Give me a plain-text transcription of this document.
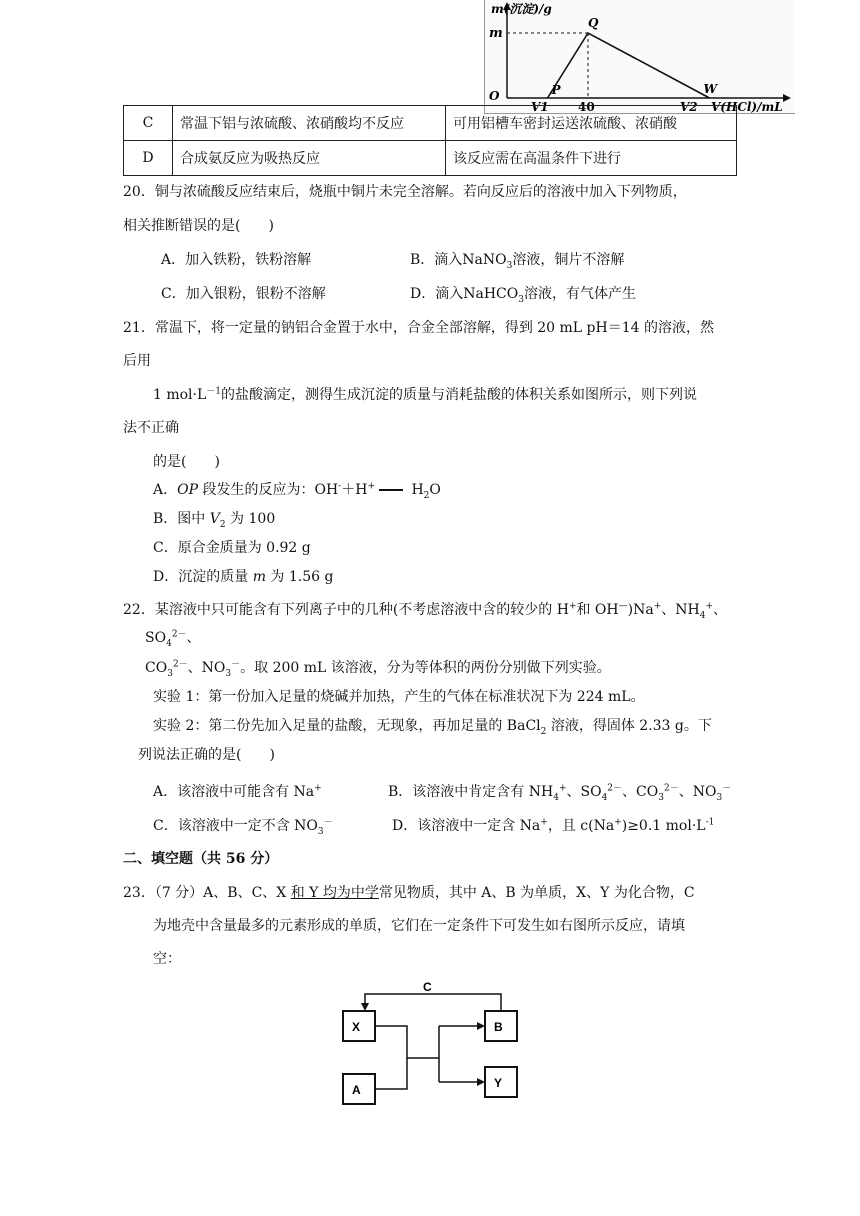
O	P
Q
W
m(沉淀)/g
m
V1 40	V2 V(HCl)/mL
C	常温下铝与浓硫酸、浓硝酸均不反应	可用铝槽车密封运送浓硫酸、浓硝酸
D	合成氨反应为吸热反应	该反应需在高温条件下进行
20．铜与浓硫酸反应结束后，烧瓶中铜片未完全溶解。若向反应后的溶液中加入下列物质，
相关推断错误的是(　　)
A．加入铁粉，铁粉溶解	B．滴入NaNO$_3$溶液，铜片不溶解
C．加入银粉，银粉不溶解	D．滴入NaHCO$_3$溶液，有气体产生
21．常温下，将一定量的钠铝合金置于水中，合金全部溶解，得到 20 mL pH＝14 的溶液，然
后用
1 $mol\cdot L^{-1}$的盐酸滴定，测得生成沉淀的质量与消耗盐酸的体积关系如图所示，则下列说
法不正确
的是(　　)
A．OP 段发生的反应为：OH-＋H+	$H_2O$
B．图中 $V_2$ 为 100
C．原合金质量为 0.92 g
D．沉淀的质量 m 为 1.56 g
22．某溶液中只可能含有下列离子中的几种(不考虑溶液中含的较少的 H+和 OH—)Na+、$NH_4^+$、
$SO_4^{2-}$、
$CO_3^{2-}$、$NO_3^-$。取 200 mL 该溶液，分为等体积的两份分别做下列实验。
实验 1：第一份加入足量的烧碱并加热，产生的气体在标准状况下为 224 mL。
实验 2：第二份先加入足量的盐酸，无现象，再加足量的 BaCl$_2$ 溶液，得固体 2.33 g。下
列说法正确的是(　　)
A．该溶液中可能含有 Na+	B．该溶液中肯定含有 $NH_4^+$、$SO_4^{2-}$、$CO_3^{2-}$、$NO_3^-$
C．该溶液中一定不含 $NO_3^-$	D．该溶液中一定含 Na+，且 c(Na+)≥0.1 $mol\cdot L^{-1}$
二、填空题（共 56 分）
23．（7 分）A、B、C、X 和 Y 均为中学常见物质，其中 A、B 为单质，X、Y 为化合物，C
为地壳中含量最多的元素形成的单质，它们在一定条件下可发生如右图所示反应，请填
空：
C
X
A
B
Y
